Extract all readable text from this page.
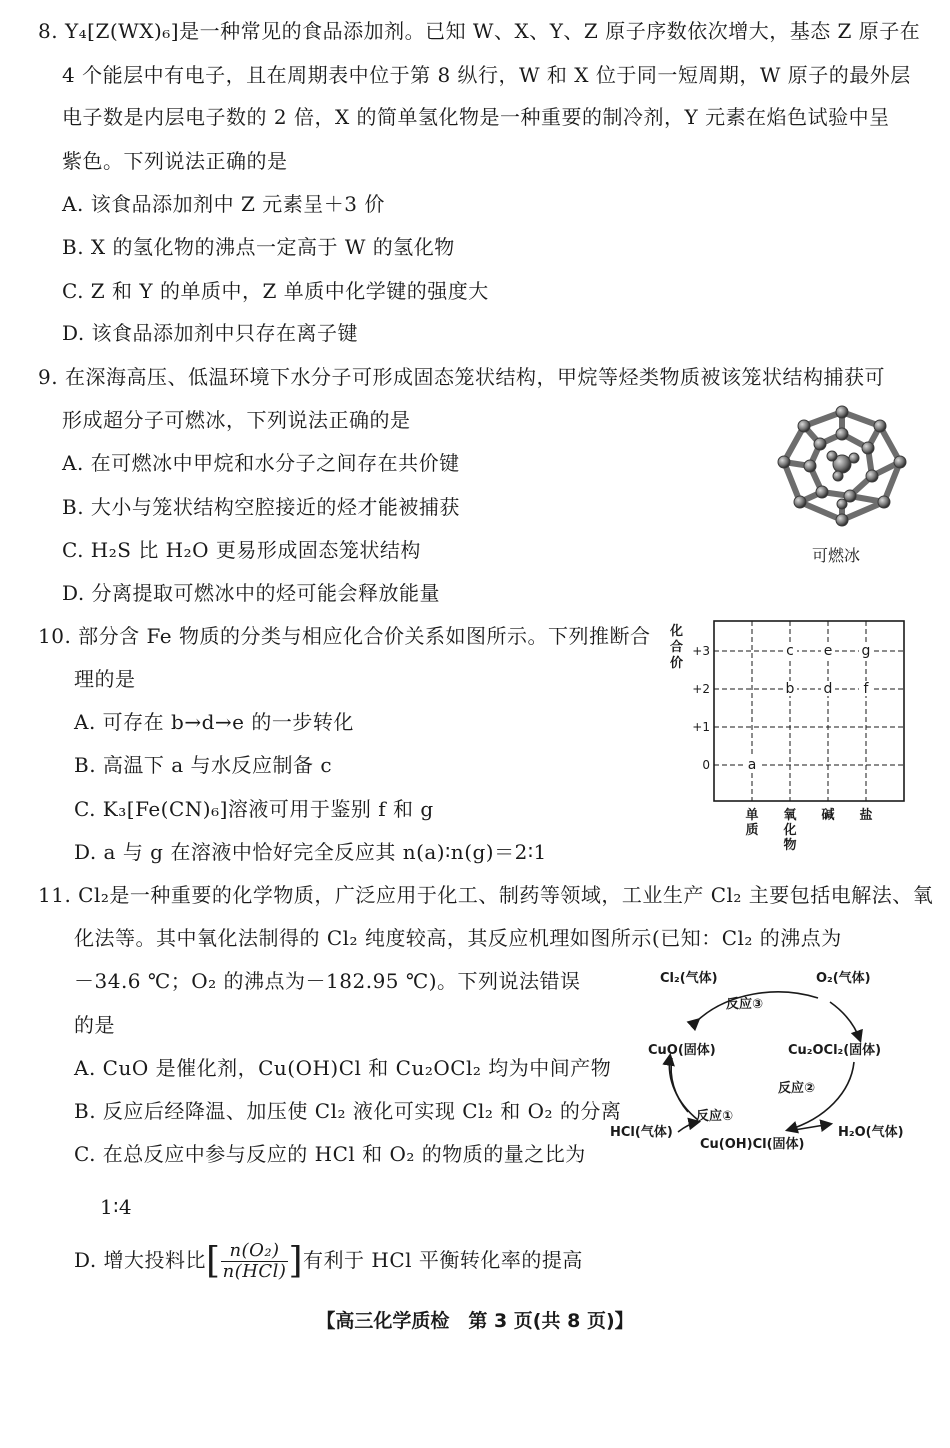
8. Y₄[Z(WX)₆]是一种常见的食品添加剂。已知 W、X、Y、Z 原子序数依次增大，基态 Z 原子在
4 个能层中有电子，且在周期表中位于第 8 纵行，W 和 X 位于同一短周期，W 原子的最外层
电子数是内层电子数的 2 倍，X 的简单氢化物是一种重要的制冷剂，Y 元素在焰色试验中呈
紫色。下列说法正确的是
A. 该食品添加剂中 Z 元素呈＋3 价
B. X 的氢化物的沸点一定高于 W 的氢化物
C. Z 和 Y 的单质中，Z 单质中化学键的强度大
D. 该食品添加剂中只存在离子键
9. 在深海高压、低温环境下水分子可形成固态笼状结构，甲烷等烃类物质被该笼状结构捕获可
形成超分子可燃冰，下列说法正确的是
A. 在可燃冰中甲烷和水分子之间存在共价键
B. 大小与笼状结构空腔接近的烃才能被捕获
C. H₂S 比 H₂O 更易形成固态笼状结构
D. 分离提取可燃冰中的烃可能会释放能量
可燃冰
10. 部分含 Fe 物质的分类与相应化合价关系如图所示。下列推断合
理的是
A. 可存在 b→d→e 的一步转化
B. 高温下 a 与水反应制备 c
C. K₃[Fe(CN)₆]溶液可用于鉴别 f 和 g
D. a 与 g 在溶液中恰好完全反应其 n(a)∶n(g)＝2∶1
化
合
价
+3
+2
+1
0	a
b
c
d
e
f
g
单
质
氧
化
物
碱 盐
11. Cl₂是一种重要的化学物质，广泛应用于化工、制药等领域，工业生产 Cl₂ 主要包括电解法、氧
化法等。其中氧化法制得的 Cl₂ 纯度较高，其反应机理如图所示(已知：Cl₂ 的沸点为
－34.6 ℃；O₂ 的沸点为－182.95 ℃)。下列说法错误
的是
A. CuO 是催化剂，Cu(OH)Cl 和 Cu₂OCl₂ 均为中间产物
B. 反应后经降温、加压使 Cl₂ 液化可实现 Cl₂ 和 O₂ 的分离
C. 在总反应中参与反应的 HCl 和 O₂ 的物质的量之比为
1∶4
D. 增大投料比[ $\frac{\text{n(O₂)}}{\text{n(HCl)}}$ ]有利于 HCl 平衡转化率的提高
Cl₂(气体)	O₂(气体)
反应③
CuO(固体)	Cu₂OCl₂(固体)
反应②
反应①
HCl(气体)
Cu(OH)Cl(固体)
H₂O(气体)
【高三化学质检　第 3 页(共 8 页)】
